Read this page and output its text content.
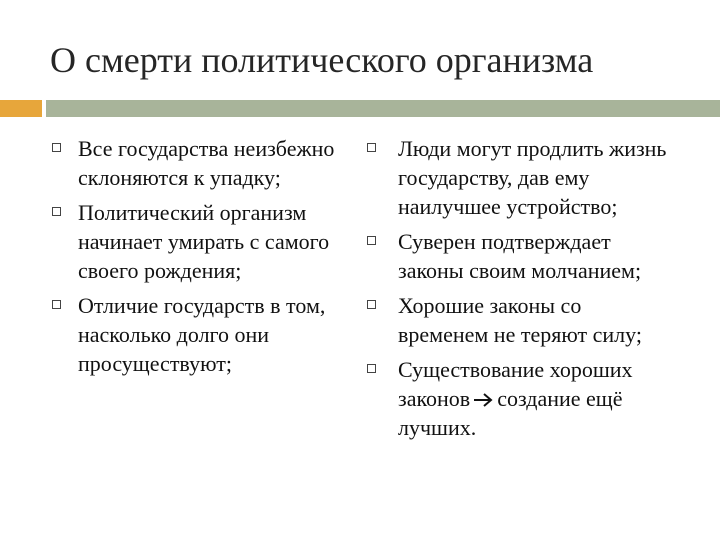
О смерти политического организма
Все государства неизбежно склоняются к упадку;
Политический организм начинает умирать с самого своего рождения;
Отличие государств в том, насколько долго они просуществуют;
Люди могут продлить жизнь государству, дав ему наилучшее устройство;
Суверен подтверждает законы своим молчанием;
Хорошие законы со временем не теряют силу;
Существование хороших законов создание ещё лучших.
